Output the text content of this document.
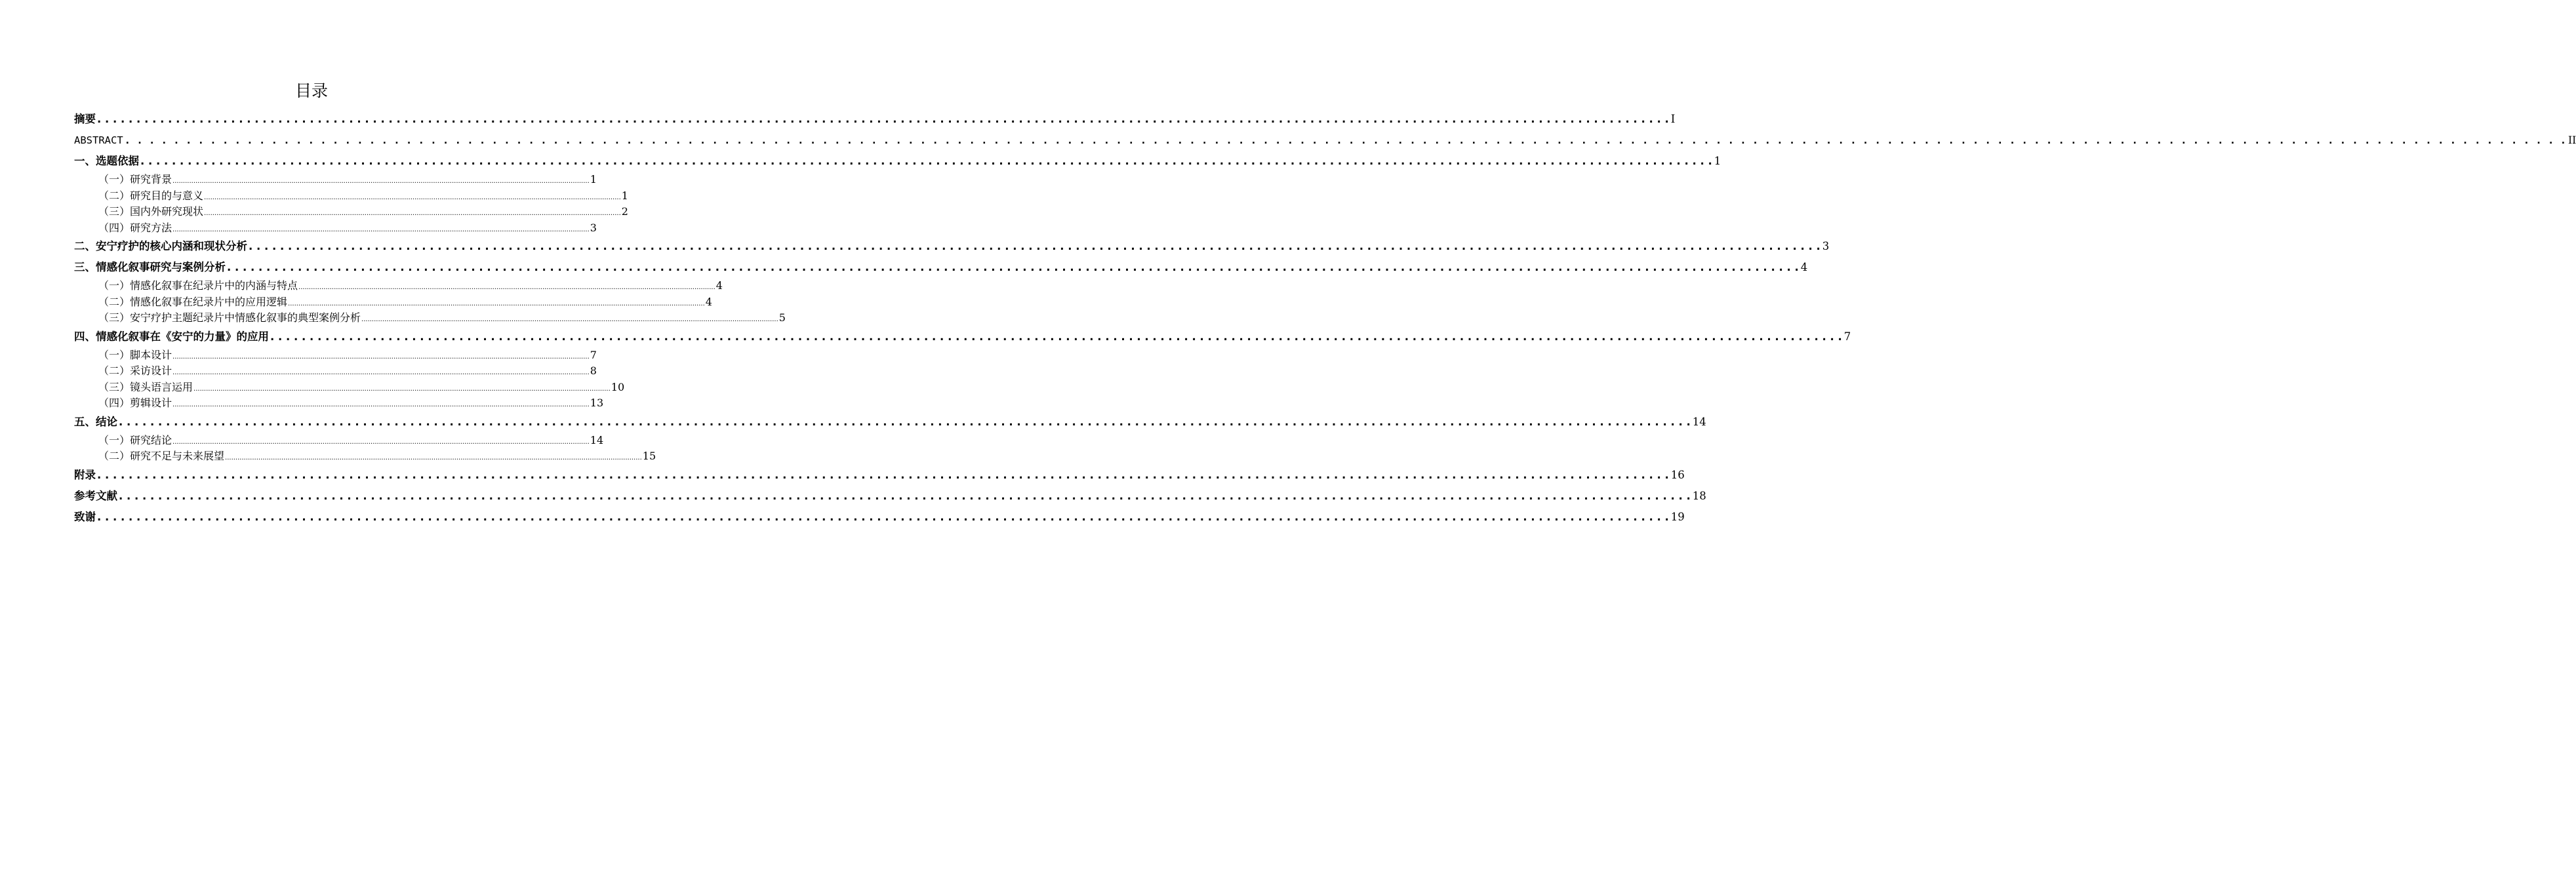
目录
摘要 . . . . . . . . . . . . . . . . . . . . . . . . . . . . . . . . . . . . . . . . . . . . . . . . . . . . . . . . . . . . . . . . . . . . . . . . . . . . . . . . . . . . . . . . . . . . . . . . . . . . . . . . . . . . . . . . . . . . . . . . . . . . . . . . . . . . . . . . . . . . . . . . . . . . . . . . . . . . . . . . . . . . . . . . . . . . . . . . . . . . . . . . . . . . . . . . . . . . . . . . I
ABSTRACT . . . . . . . . . . . . . . . . . . . . . . . . . . . . . . . . . . . . . . . . . . . . . . . . . . . . . . . . . . . . . . . . . . . . . . . . . . . . . . . . . . . . . . . . . . . . . . . . . . . . . . . . . . . . . . . . . . . . . . . . . . . . . . . . . . . . . . . . . . . . . . . . . . . . . . . . . . . . . . . . . . . . . . . . . . . . . . . . . . . . . . . . . . . . . . . . . . . . . . . . II
一、 选题依据 . . . . . . . . . . . . . . . . . . . . . . . . . . . . . . . . . . . . . . . . . . . . . . . . . . . . . . . . . . . . . . . . . . . . . . . . . . . . . . . . . . . . . . . . . . . . . . . . . . . . . . . . . . . . . . . . . . . . . . . . . . . . . . . . . . . . . . . . . . . . . . . . . . . . . . . . . . . . . . . . . . . . . . . . . . . . . . . . . . . . . . . . . . . . . . . . . . . . . . . . 1
（一） 研究背景 ........................................................................................................................................................................................................ 1
（二） 研究目的与意义 ........................................................................................................................................................................................................ 1
（三） 国内外研究现状 ........................................................................................................................................................................................................ 2
（四） 研究方法 ........................................................................................................................................................................................................ 3
二、 安宁疗护的核心内涵和现状分析 . . . . . . . . . . . . . . . . . . . . . . . . . . . . . . . . . . . . . . . . . . . . . . . . . . . . . . . . . . . . . . . . . . . . . . . . . . . . . . . . . . . . . . . . . . . . . . . . . . . . . . . . . . . . . . . . . . . . . . . . . . . . . . . . . . . . . . . . . . . . . . . . . . . . . . . . . . . . . . . . . . . . . . . . . . . . . . . . . . . . . . . . . . . . . . . . . . . . . . . . 3
三、 情感化叙事研究与案例分析 . . . . . . . . . . . . . . . . . . . . . . . . . . . . . . . . . . . . . . . . . . . . . . . . . . . . . . . . . . . . . . . . . . . . . . . . . . . . . . . . . . . . . . . . . . . . . . . . . . . . . . . . . . . . . . . . . . . . . . . . . . . . . . . . . . . . . . . . . . . . . . . . . . . . . . . . . . . . . . . . . . . . . . . . . . . . . . . . . . . . . . . . . . . . . . . . . . . . . . . . 4
（一） 情感化叙事在纪录片中的内涵与特点 ........................................................................................................................................................................................................ 4
（二） 情感化叙事在纪录片中的应用逻辑 ........................................................................................................................................................................................................ 4
（三） 安宁疗护主题纪录片中情感化叙事的典型案例分析 ........................................................................................................................................................................................................ 5
四、 情感化叙事在《安宁的力量》的应用 . . . . . . . . . . . . . . . . . . . . . . . . . . . . . . . . . . . . . . . . . . . . . . . . . . . . . . . . . . . . . . . . . . . . . . . . . . . . . . . . . . . . . . . . . . . . . . . . . . . . . . . . . . . . . . . . . . . . . . . . . . . . . . . . . . . . . . . . . . . . . . . . . . . . . . . . . . . . . . . . . . . . . . . . . . . . . . . . . . . . . . . . . . . . . . . . . . . . . . . . 7
（一） 脚本设计 ........................................................................................................................................................................................................ 7
（二） 采访设计 ........................................................................................................................................................................................................ 8
（三） 镜头语言运用 ........................................................................................................................................................................................................ 10
（四） 剪辑设计 ........................................................................................................................................................................................................ 13
五、 结论 . . . . . . . . . . . . . . . . . . . . . . . . . . . . . . . . . . . . . . . . . . . . . . . . . . . . . . . . . . . . . . . . . . . . . . . . . . . . . . . . . . . . . . . . . . . . . . . . . . . . . . . . . . . . . . . . . . . . . . . . . . . . . . . . . . . . . . . . . . . . . . . . . . . . . . . . . . . . . . . . . . . . . . . . . . . . . . . . . . . . . . . . . . . . . . . . . . . . . . . . 14
（一） 研究结论 ........................................................................................................................................................................................................ 14
（二） 研究不足与未来展望 ........................................................................................................................................................................................................ 15
附录 . . . . . . . . . . . . . . . . . . . . . . . . . . . . . . . . . . . . . . . . . . . . . . . . . . . . . . . . . . . . . . . . . . . . . . . . . . . . . . . . . . . . . . . . . . . . . . . . . . . . . . . . . . . . . . . . . . . . . . . . . . . . . . . . . . . . . . . . . . . . . . . . . . . . . . . . . . . . . . . . . . . . . . . . . . . . . . . . . . . . . . . . . . . . . . . . . . . . . . . . 16
参考文献 . . . . . . . . . . . . . . . . . . . . . . . . . . . . . . . . . . . . . . . . . . . . . . . . . . . . . . . . . . . . . . . . . . . . . . . . . . . . . . . . . . . . . . . . . . . . . . . . . . . . . . . . . . . . . . . . . . . . . . . . . . . . . . . . . . . . . . . . . . . . . . . . . . . . . . . . . . . . . . . . . . . . . . . . . . . . . . . . . . . . . . . . . . . . . . . . . . . . . . . . 18
致谢 . . . . . . . . . . . . . . . . . . . . . . . . . . . . . . . . . . . . . . . . . . . . . . . . . . . . . . . . . . . . . . . . . . . . . . . . . . . . . . . . . . . . . . . . . . . . . . . . . . . . . . . . . . . . . . . . . . . . . . . . . . . . . . . . . . . . . . . . . . . . . . . . . . . . . . . . . . . . . . . . . . . . . . . . . . . . . . . . . . . . . . . . . . . . . . . . . . . . . . . . 19
